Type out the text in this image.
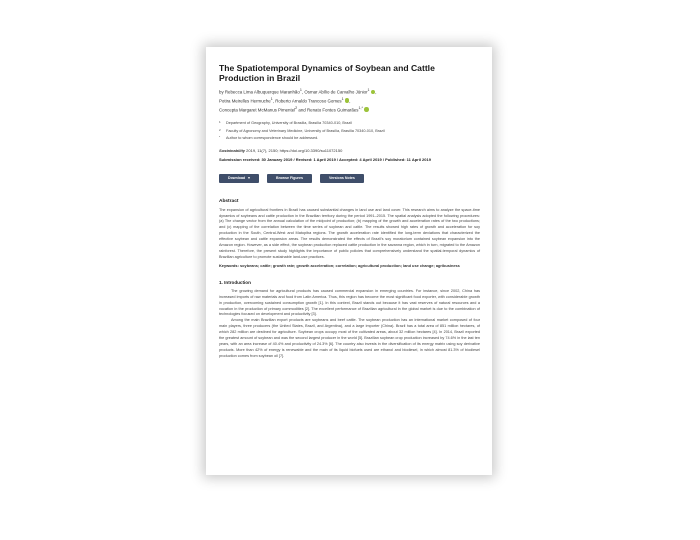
The Spatiotemporal Dynamics of Soybean and Cattle Production in Brazil
by Rebecca Lima Albuquerque Maranhão$^1$, Osmar Abílio de Carvalho Júnior$^1$ ,
Potira Meirelles Hermuche$^1$, Roberto Arnaldo Trancoso Gomes$^1$ ,
Concepta Margaret McManus Pimentel$^2$ and Renato Fontes Guimarães$^{1,*}$
1 Department of Geography, University of Brasília, Brasília 70340-010, Brazil
2 Faculty of Agronomy and Veterinary Medicine, University of Brasília, Brasília 70340-010, Brazil
* Author to whom correspondence should be addressed.
Sustainability 2019, 11(7), 2150; https://doi.org/10.3390/su11072150
Submission received: 30 January 2019 / Revised: 1 April 2019 / Accepted: 4 April 2019 / Published: 11 April 2019
Download ▾	Browse Figures	Versions Notes
Abstract
The expansion of agricultural frontiers in Brazil has caused substantial changes in land use and land cover. This research aims to analyze the space-time dynamics of soybeans and cattle production in the Brazilian territory during the period 1991–2015. The spatial analysis adopted the following procedures: (a) The change vector from the annual calculation of the midpoint of production; (b) mapping of the growth and acceleration rates of the two productions; and (c) mapping of the correlation between the time series of soybean and cattle. The results showed high rates of growth and acceleration for soy production in the South, Central-West and Matopiba regions. The growth acceleration rate identified the long-term deviations that characterized the effective soybean and cattle expansion areas. The results demonstrated the effects of Brazil's soy moratorium contained soybean expansion into the Amazon region. However, as a side effect, the soybean production replaced cattle production in the savanna region, which in turn, migrated to the Amazon rainforest. Therefore, the present study highlights the importance of public policies that comprehensively understand the spatial-temporal dynamics of Brazilian agriculture to promote sustainable land-use practices.
Keywords: soybeans; cattle; growth rate; growth acceleration; correlation; agricultural production; land use change; agribusiness
1. Introduction
The growing demand for agricultural products has caused commercial expansion in emerging countries. For instance, since 2002, China has increased imports of raw materials and food from Latin America. Thus, this region has become the most significant food exporter, with considerable growth in production, overcoming sustained consumption growth [1]. In this context, Brazil stands out because it has vast reserves of natural resources and a vocation in the production of primary commodities [2]. The excellent performance of Brazilian agricultural in the global market is due to the combination of technologies focused on development and productivity [3].
Among the main Brazilian export products are soybeans and beef cattle. The soybean production has an international market composed of four main players, three producers (the United States, Brazil, and Argentina), and a large importer (China). Brazil has a total area of 851 million hectares, of which 282 million are destined for agriculture. Soybean crops occupy most of the cultivated areas, about 32 million hectares [4]. In 2014, Brazil exported the greatest amount of soybean and was the second largest producer in the world [5]. Brazilian soybean crop production increased by 74.6% in the last ten years, with an area increase of 40.4% and productivity of 24.3% [6]. The country also invests in the diversification of its energy matrix using soy derivative products. More than 42% of energy is renewable and the main of its liquid biofuels used are ethanol and biodiesel, in which almost 81.3% of biodiesel production comes from soybean oil [7].
